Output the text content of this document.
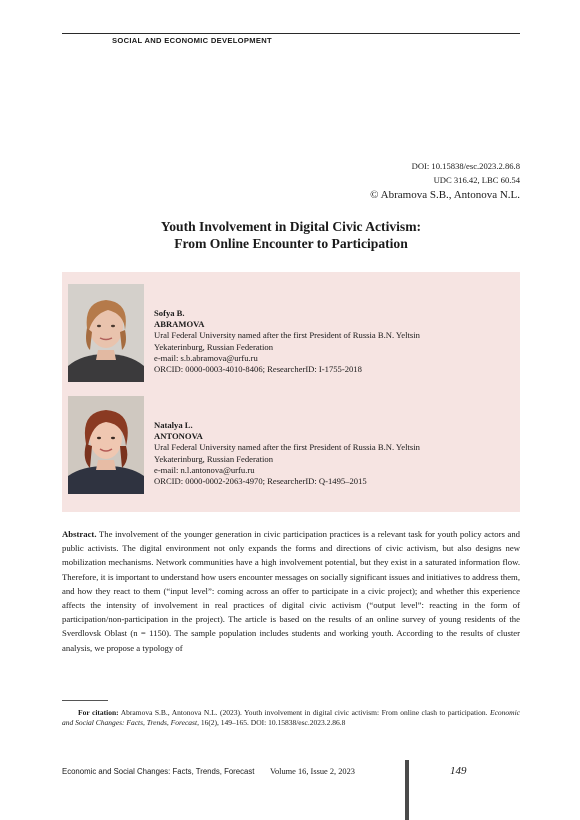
SOCIAL AND ECONOMIC DEVELOPMENT
DOI: 10.15838/esc.2023.2.86.8
UDC 316.42, LBC 60.54
© Abramova S.B., Antonova N.L.
Youth Involvement in Digital Civic Activism:
From Online Encounter to Participation
Sofya B.
ABRAMOVA
Ural Federal University named after the first President of Russia B.N. Yeltsin
Yekaterinburg, Russian Federation
e-mail: s.b.abramova@urfu.ru
ORCID: 0000-0003-4010-8406; ResearcherID: I-1755-2018
Natalya L.
ANTONOVA
Ural Federal University named after the first President of Russia B.N. Yeltsin
Yekaterinburg, Russian Federation
e-mail: n.l.antonova@urfu.ru
ORCID: 0000-0002-2063-4970; ResearcherID: Q-1495–2015
Abstract. The involvement of the younger generation in civic participation practices is a relevant task for youth policy actors and public activists. The digital environment not only expands the forms and directions of civic activism, but also designs new mobilization mechanisms. Network communities have a high involvement potential, but they exist in a saturated information flow. Therefore, it is important to understand how users encounter messages on socially significant issues and initiatives to address them, and how they react to them (“input level”: coming across an offer to participate in a civic project); and whether this experience affects the intensity of involvement in real practices of digital civic activism (“output level”: reacting in the form of participation/non-participation in the project). The article is based on the results of an online survey of young residents of the Sverdlovsk Oblast (n = 1150). The sample population includes students and working youth. According to the results of cluster analysis, we propose a typology of
For citation: Abramova S.B., Antonova N.L. (2023). Youth involvement in digital civic activism: From online clash to participation. Economic and Social Changes: Facts, Trends, Forecast, 16(2), 149–165. DOI: 10.15838/esc.2023.2.86.8
Economic and Social Changes: Facts, Trends, Forecast Volume 16, Issue 2, 2023	149
